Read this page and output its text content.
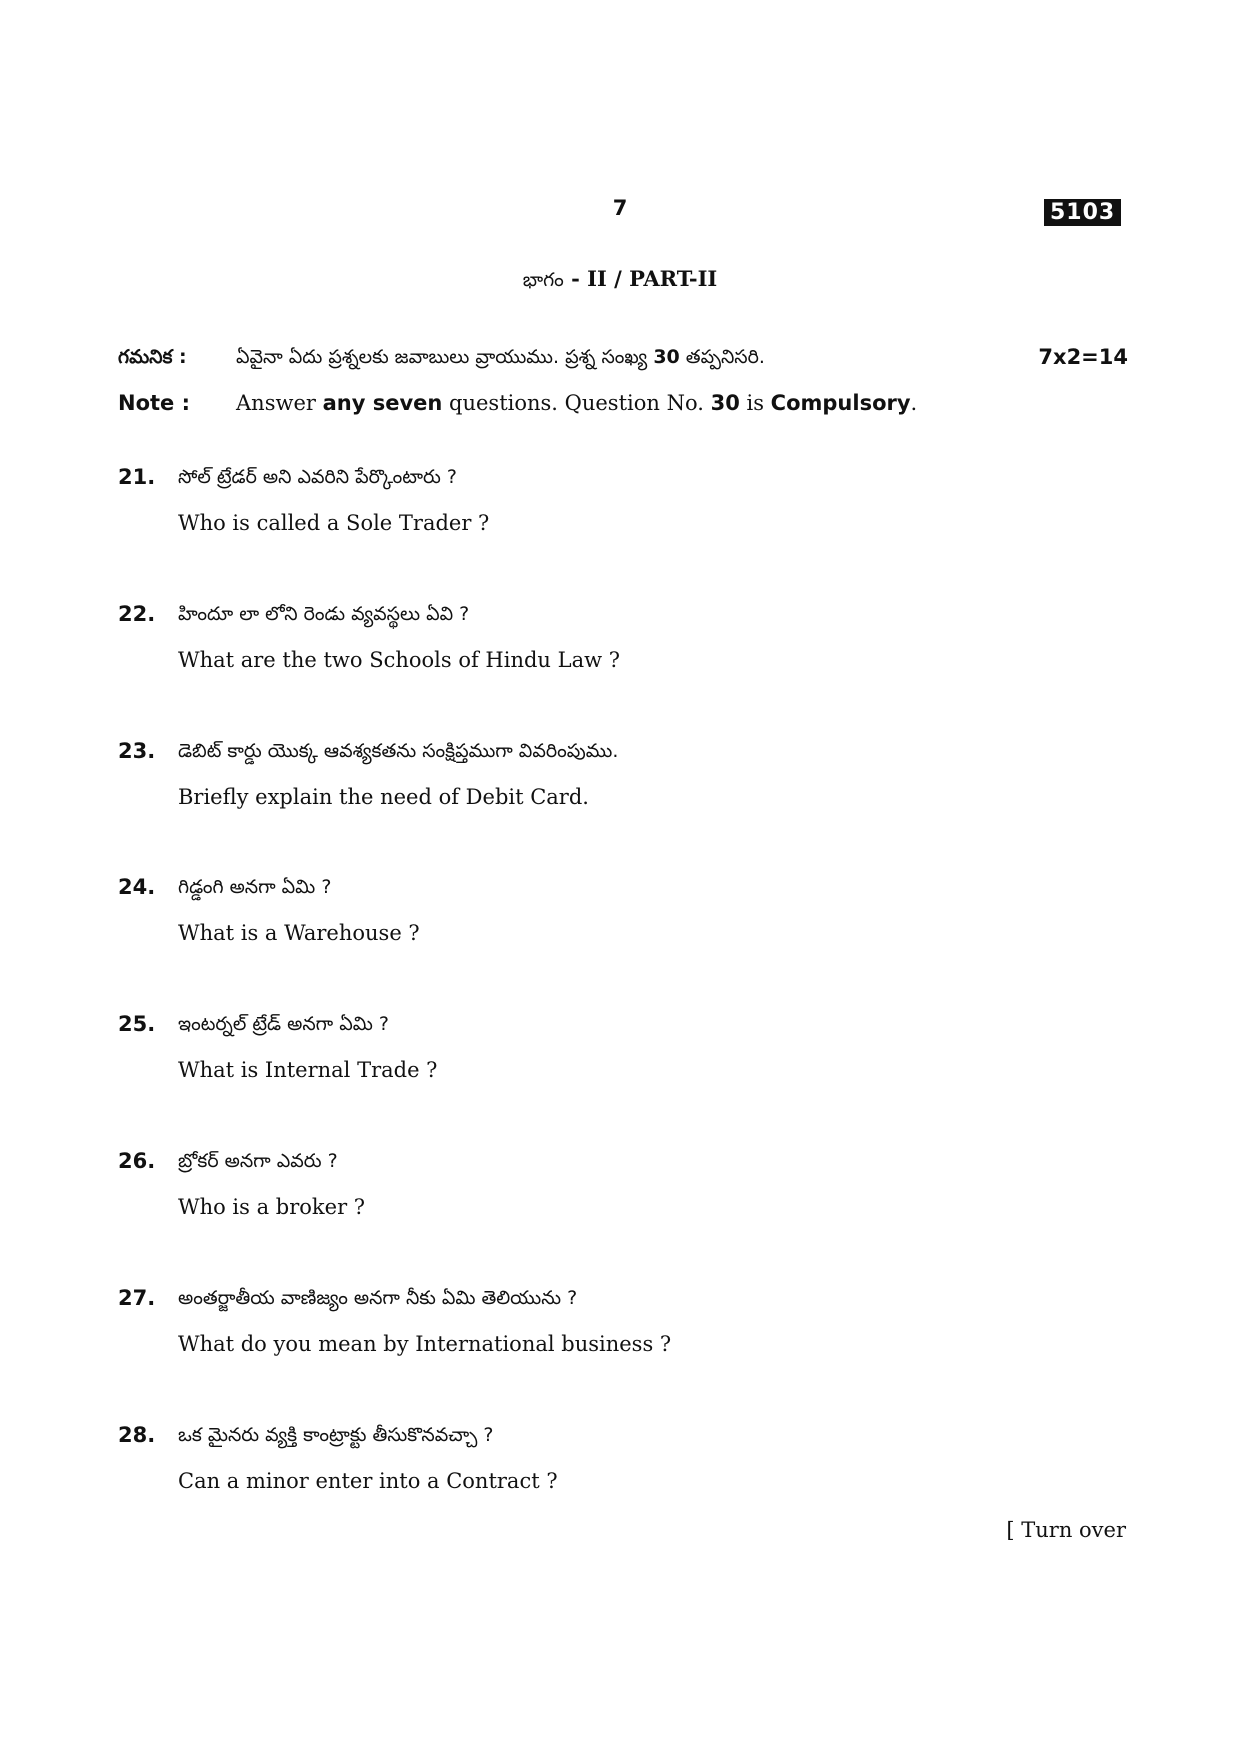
7	5103
భాగం - II / PART-II
గమనిక :	ఏవైనా ఏదు ప్రశ్నలకు జవాబులు వ్రాయుము. ప్రశ్న సంఖ్య 30 తప్పనిసరి.	7x2=14
Note : Answer any seven questions. Question No. 30 is Compulsory.
21. సోల్ ట్రేడర్ అని ఎవరిని పేర్కొంటారు ?
Who is called a Sole Trader ?
22. హిందూ లా లోని రెండు వ్యవస్థలు ఏవి ?
What are the two Schools of Hindu Law ?
23. డెబిట్ కార్డు యొక్క ఆవశ్యకతను సంక్షిప్తముగా వివరింపుము.
Briefly explain the need of Debit Card.
24. గిడ్డంగి అనగా ఏమి ?
What is a Warehouse ?
25. ఇంటర్నల్ ట్రేడ్ అనగా ఏమి ?
What is Internal Trade ?
26. బ్రోకర్ అనగా ఎవరు ?
Who is a broker ?
27. అంతర్జాతీయ వాణిజ్యం అనగా నీకు ఏమి తెలియును ?
What do you mean by International business ?
28. ఒక మైనరు వ్యక్తి కాంట్రాక్టు తీసుకొనవచ్చా ?
Can a minor enter into a Contract ?
[ Turn over
